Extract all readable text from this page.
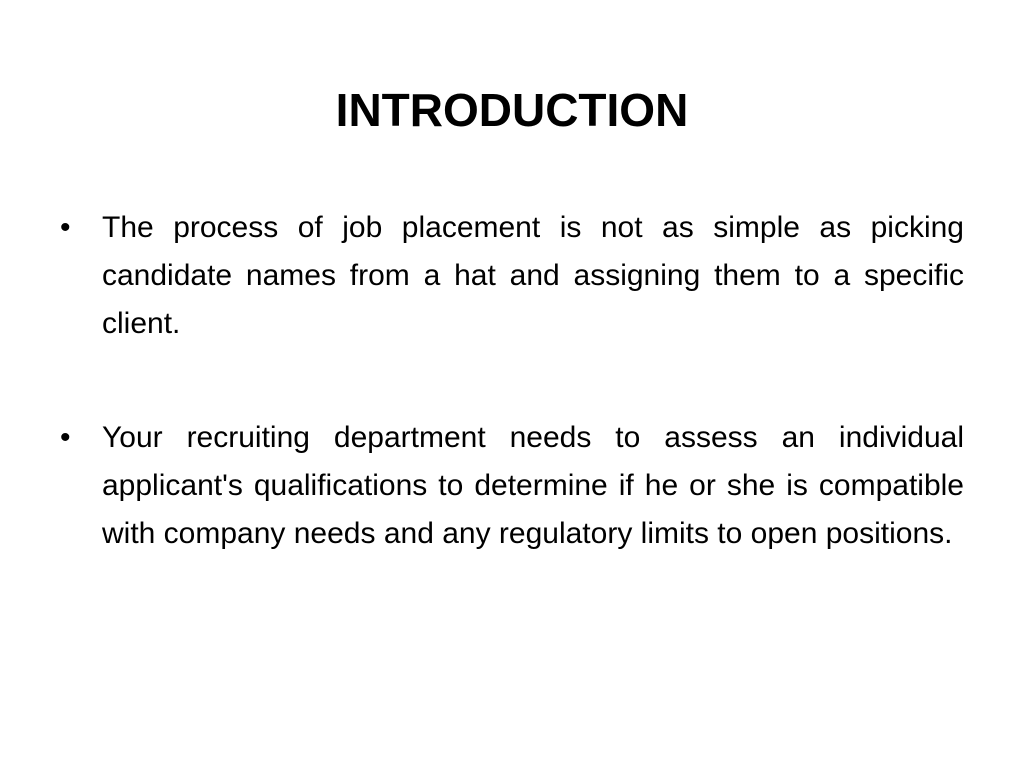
INTRODUCTION
•	The process of job placement is not as simple as picking candidate names from a hat and assigning them to a specific client.
•	Your recruiting department needs to assess an individual applicant's qualifications to determine if he or she is compatible with company needs and any regulatory limits to open positions.
